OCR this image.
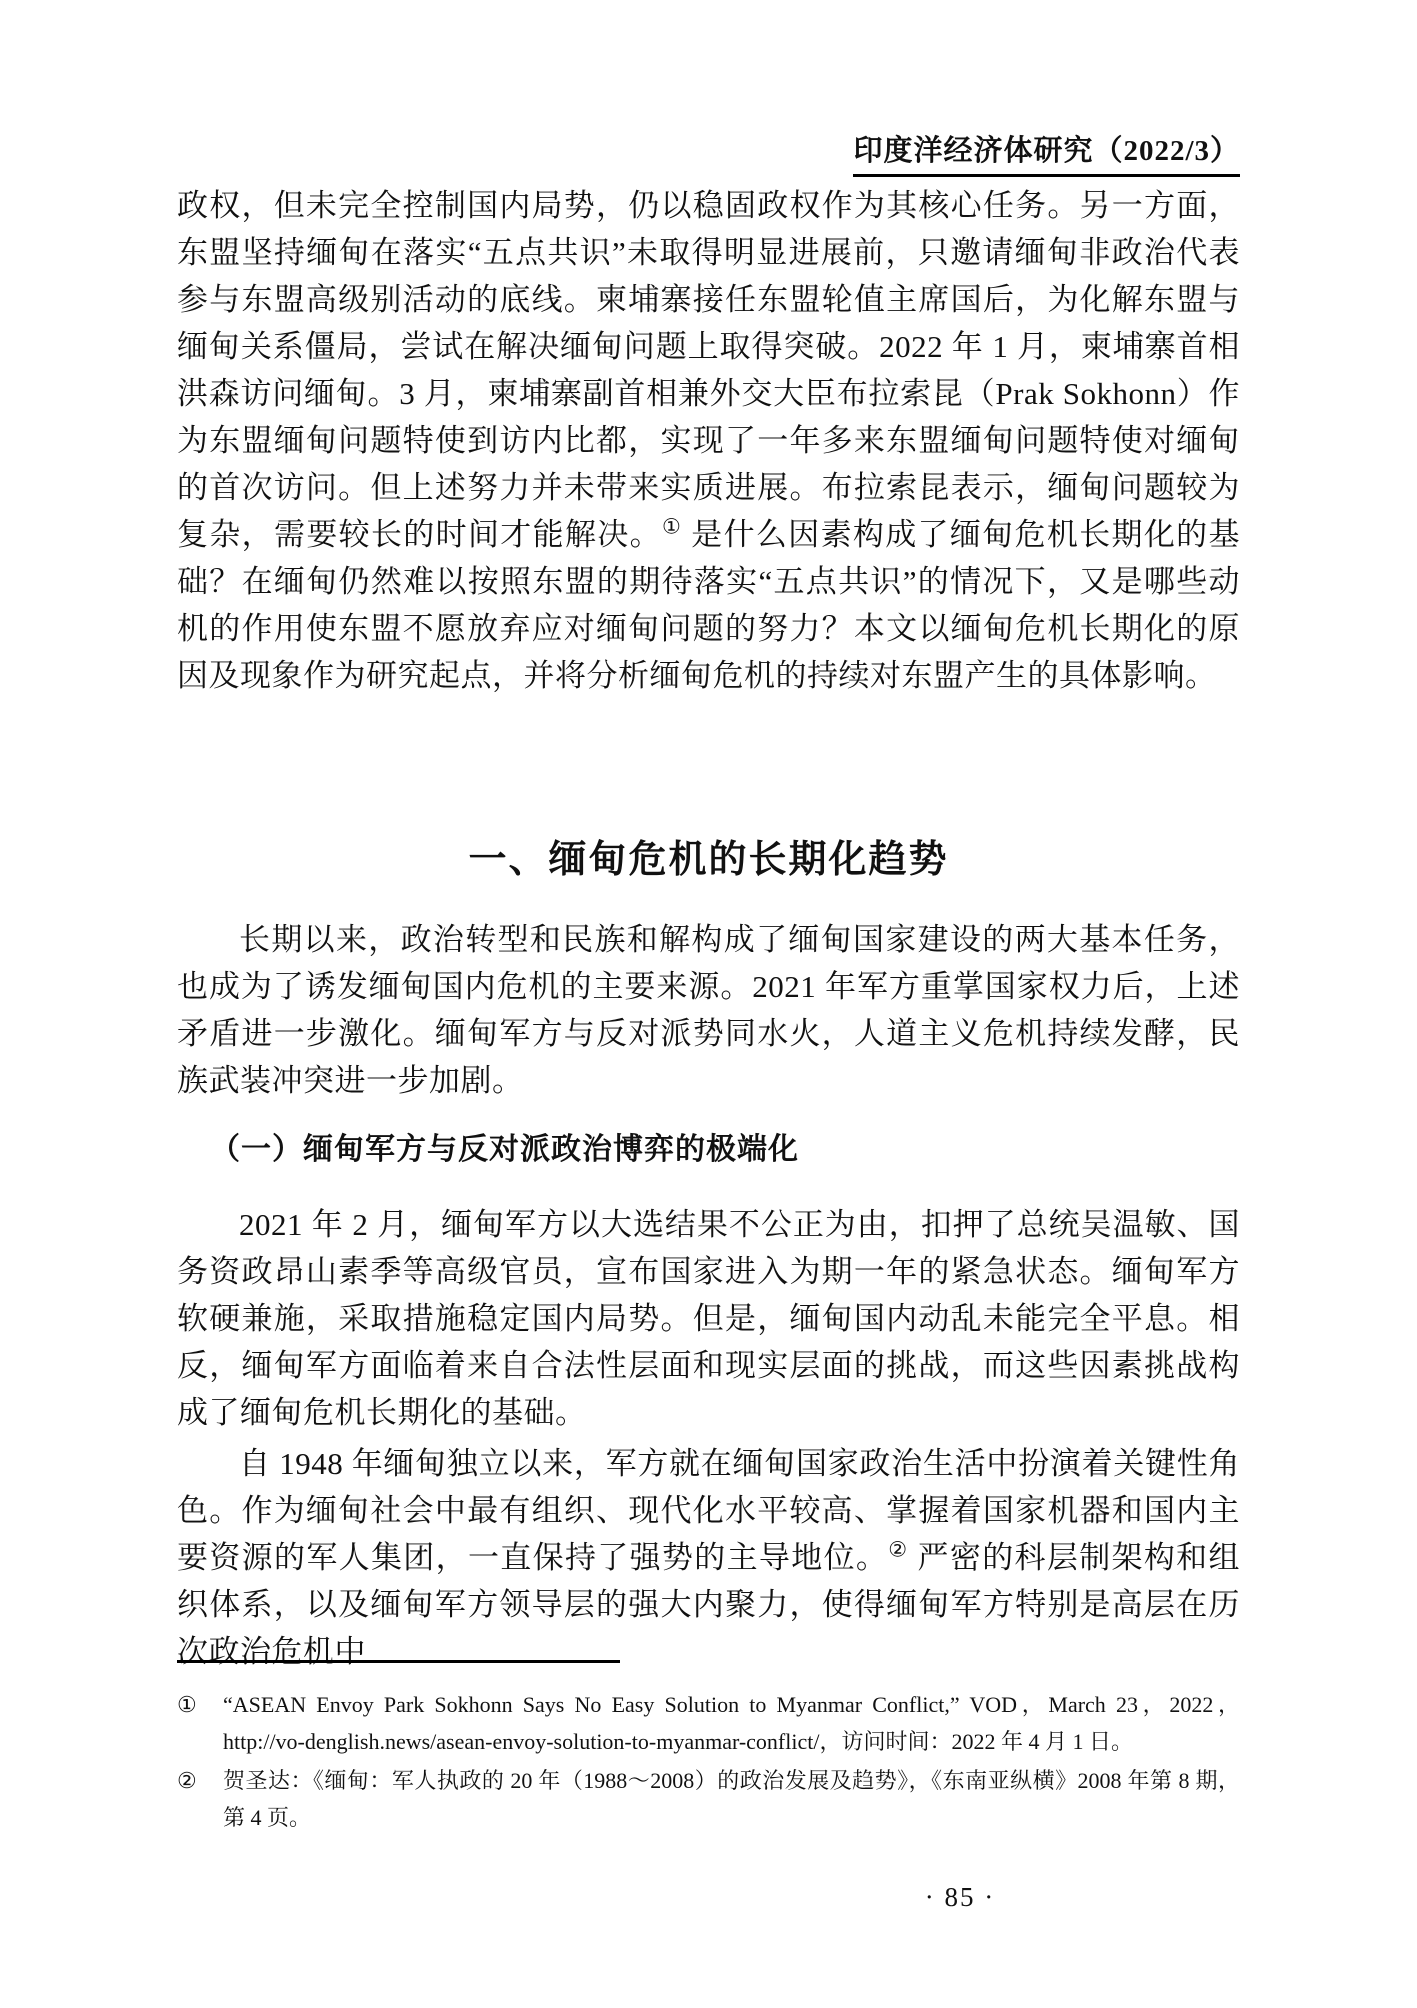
印度洋经济体研究（2022/3）

政权，但未完全控制国内局势，仍以稳固政权作为其核心任务。另一方面，东盟坚持缅甸在落实“五点共识”未取得明显进展前，只邀请缅甸非政治代表参与东盟高级别活动的底线。柬埔寨接任东盟轮值主席国后，为化解东盟与缅甸关系僵局，尝试在解决缅甸问题上取得突破。2022 年 1 月，柬埔寨首相洪森访问缅甸。3 月，柬埔寨副首相兼外交大臣布拉索昆（Prak Sokhonn）作为东盟缅甸问题特使到访内比都，实现了一年多来东盟缅甸问题特使对缅甸的首次访问。但上述努力并未带来实质进展。布拉索昆表示，缅甸问题较为复杂，需要较长的时间才能解决。① 是什么因素构成了缅甸危机长期化的基础？在缅甸仍然难以按照东盟的期待落实“五点共识”的情况下，又是哪些动机的作用使东盟不愿放弃应对缅甸问题的努力？本文以缅甸危机长期化的原因及现象作为研究起点，并将分析缅甸危机的持续对东盟产生的具体影响。

一、缅甸危机的长期化趋势

长期以来，政治转型和民族和解构成了缅甸国家建设的两大基本任务，也成为了诱发缅甸国内危机的主要来源。2021 年军方重掌国家权力后，上述矛盾进一步激化。缅甸军方与反对派势同水火，人道主义危机持续发酵，民族武装冲突进一步加剧。

（一）缅甸军方与反对派政治博弈的极端化

2021 年 2 月，缅甸军方以大选结果不公正为由，扣押了总统吴温敏、国务资政昂山素季等高级官员，宣布国家进入为期一年的紧急状态。缅甸军方软硬兼施，采取措施稳定国内局势。但是，缅甸国内动乱未能完全平息。相反，缅甸军方面临着来自合法性层面和现实层面的挑战，而这些因素挑战构成了缅甸危机长期化的基础。

自 1948 年缅甸独立以来，军方就在缅甸国家政治生活中扮演着关键性角色。作为缅甸社会中最有组织、现代化水平较高、掌握着国家机器和国内主要资源的军人集团，一直保持了强势的主导地位。② 严密的科层制架构和组织体系，以及缅甸军方领导层的强大内聚力，使得缅甸军方特别是高层在历次政治危机中

①	“ASEAN Envoy Park Sokhonn Says No Easy Solution to Myanmar Conflict,” VOD，March 23，2022，http://vo-denglish.news/asean-envoy-solution-to-myanmar-conflict/，访问时间：2022 年 4 月 1 日。
②	贺圣达：《缅甸：军人执政的 20 年（1988～2008）的政治发展及趋势》，《东南亚纵横》2008 年第 8 期，第 4 页。
· 85 ·
